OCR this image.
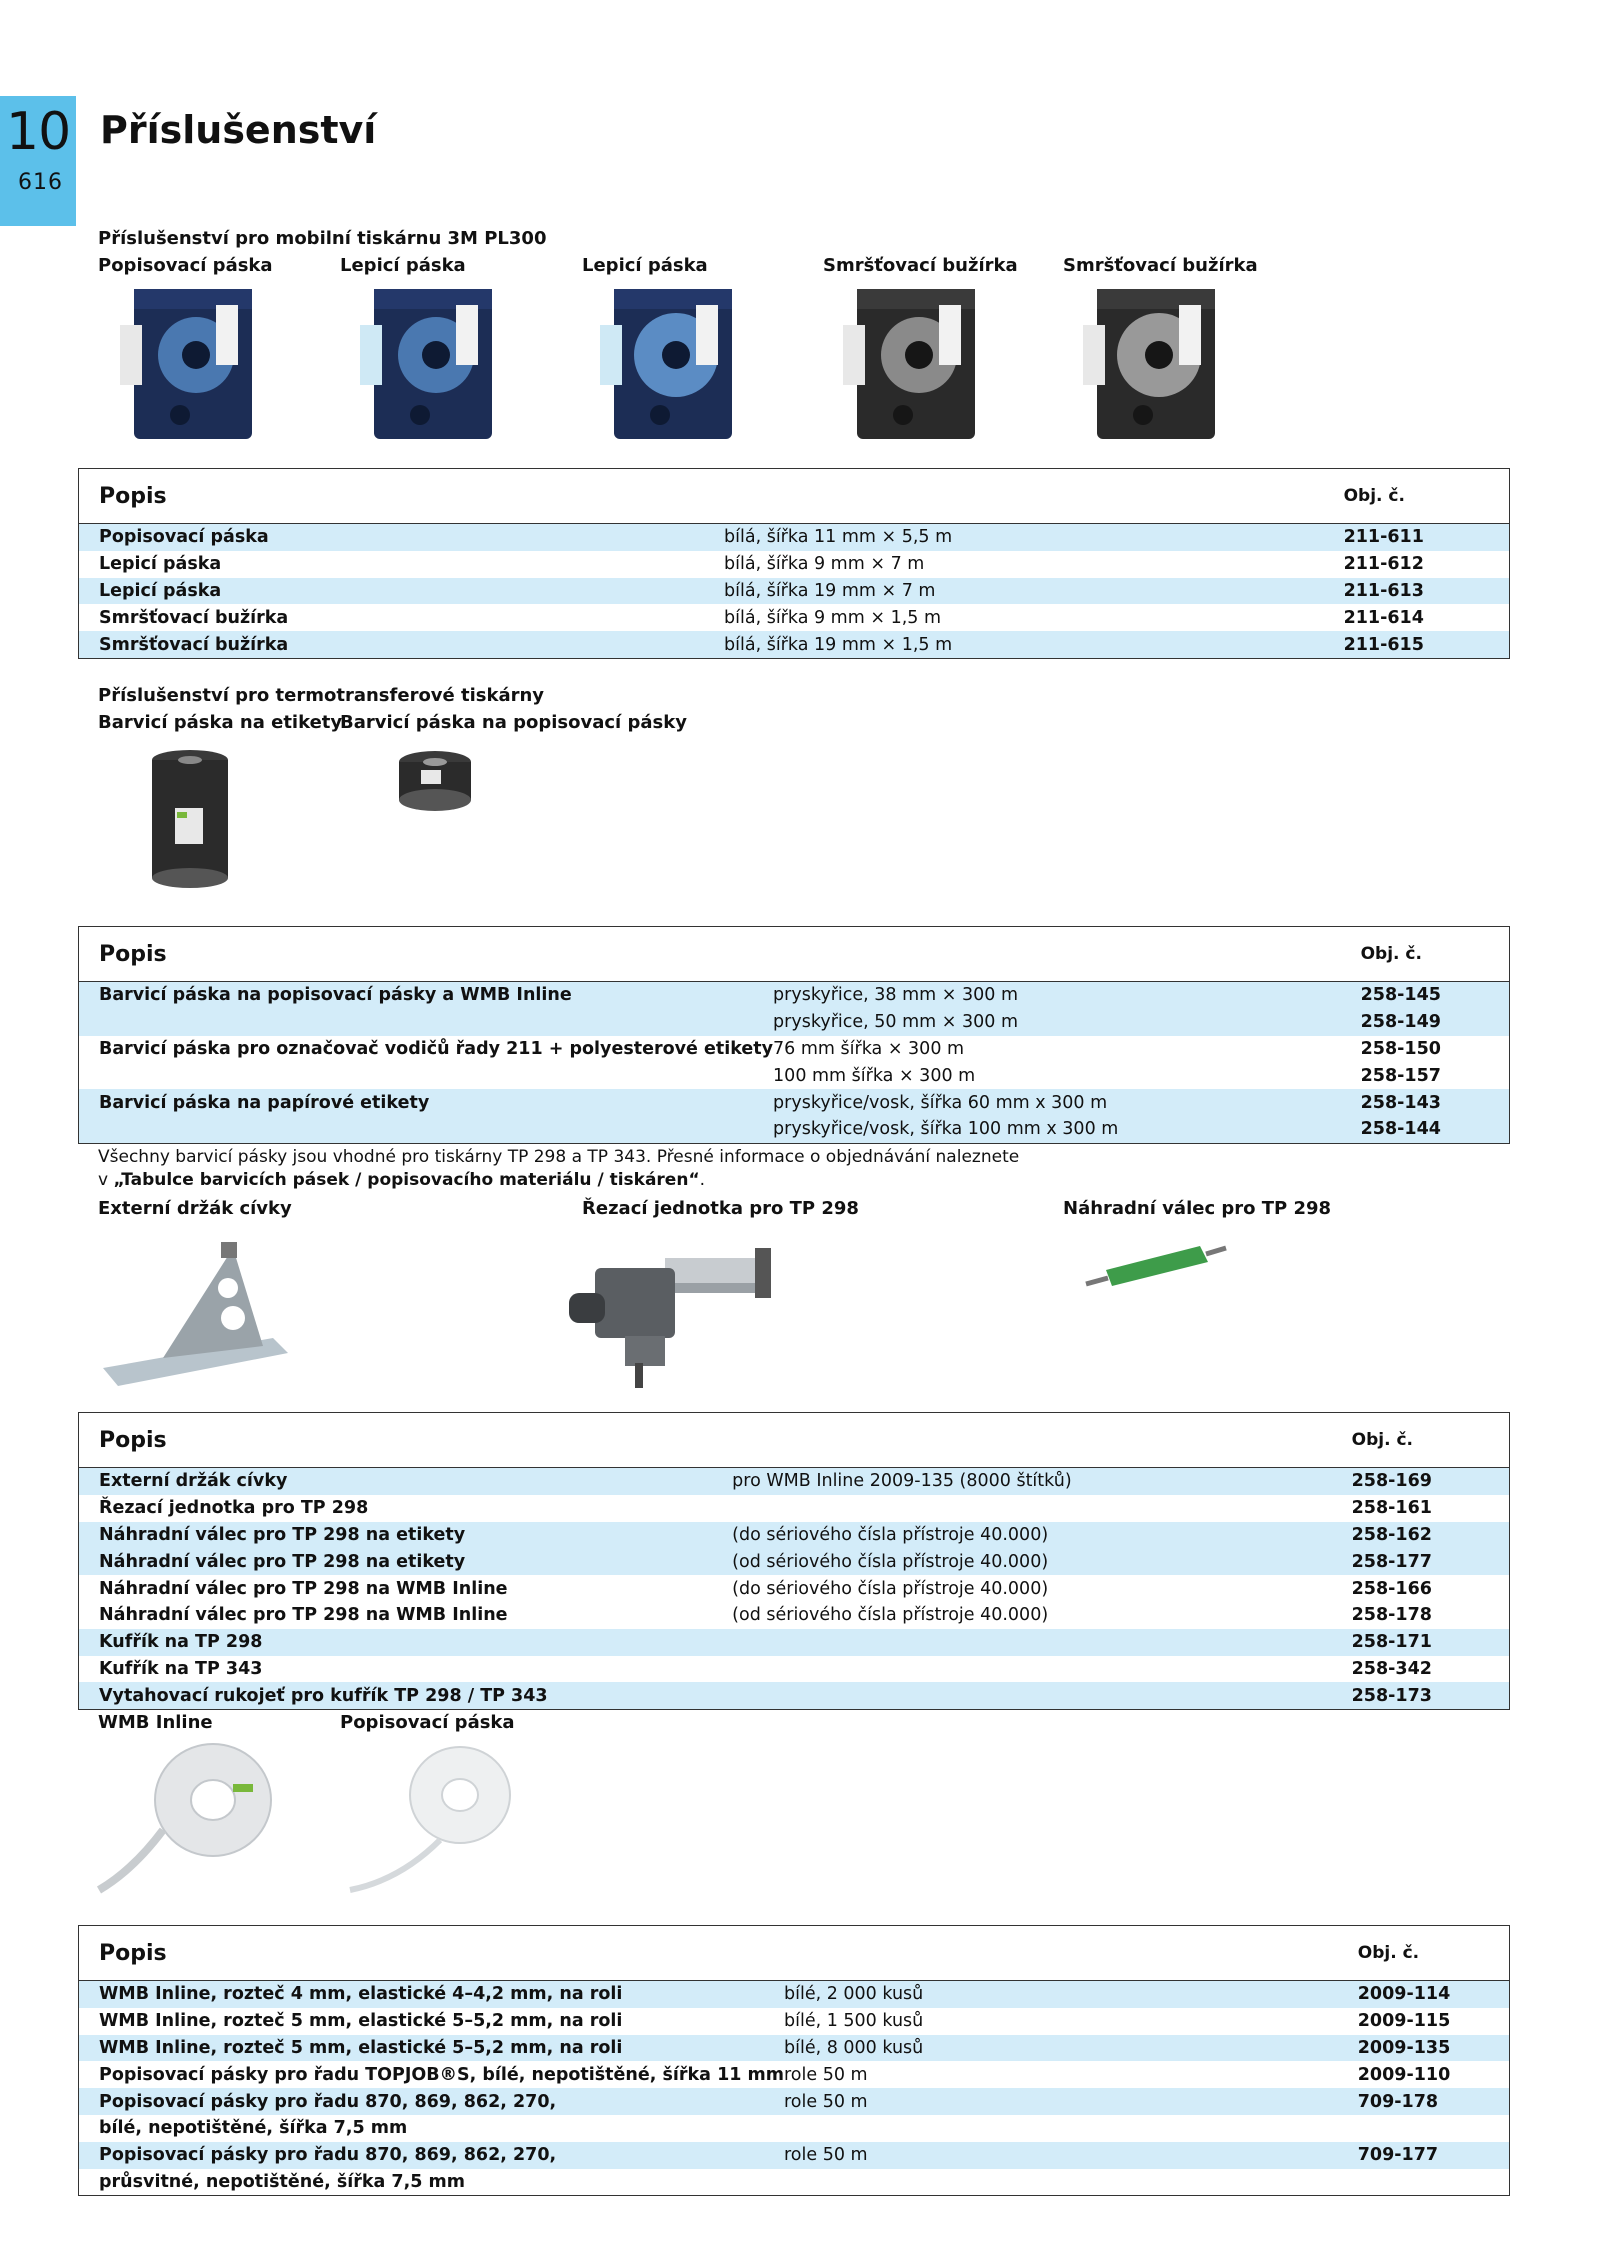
10
616
Příslušenství
Příslušenství pro mobilní tiskárnu 3M PL300
Popisovací páska	Lepicí páska	Lepicí páska	Smršťovací bužírka	Smršťovací bužírka
Popis		Obj. č.
Popisovací páska	bílá, šířka 11 mm × 5,5 m	211-611
Lepicí páska	bílá, šířka 9 mm × 7 m	211-612
Lepicí páska	bílá, šířka 19 mm × 7 m	211-613
Smršťovací bužírka	bílá, šířka 9 mm × 1,5 m	211-614
Smršťovací bužírka	bílá, šířka 19 mm × 1,5 m	211-615
Příslušenství pro termotransferové tiskárny
Barvicí páska na etikety
Barvicí páska na popisovací pásky
Popis		Obj. č.
Barvicí páska na popisovací pásky a WMB Inline	pryskyřice, 38 mm × 300 m	258-145
	pryskyřice, 50 mm × 300 m	258-149
Barvicí páska pro označovač vodičů řady 211 + polyesterové etikety	76 mm šířka × 300 m	258-150
	100 mm šířka × 300 m	258-157
Barvicí páska na papírové etikety	pryskyřice/vosk, šířka 60 mm x 300 m	258-143
	pryskyřice/vosk, šířka 100 mm x 300 m	258-144
Všechny barvicí pásky jsou vhodné pro tiskárny TP 298 a TP 343. Přesné informace o objednávání naleznete
v „Tabulce barvicích pásek / popisovacího materiálu / tiskáren“.
Externí držák cívky	Řezací jednotka pro TP 298	Náhradní válec pro TP 298
Popis		Obj. č.
Externí držák cívky	pro WMB Inline 2009-135 (8000 štítků)	258-169
Řezací jednotka pro TP 298		258-161
Náhradní válec pro TP 298 na etikety	(do sériového čísla přístroje 40.000)	258-162
Náhradní válec pro TP 298 na etikety	(od sériového čísla přístroje 40.000)	258-177
Náhradní válec pro TP 298 na WMB Inline	(do sériového čísla přístroje 40.000)	258-166
Náhradní válec pro TP 298 na WMB Inline	(od sériového čísla přístroje 40.000)	258-178
Kufřík na TP 298		258-171
Kufřík na TP 343		258-342
Vytahovací rukojeť pro kufřík TP 298 / TP 343		258-173
WMB Inline	Popisovací páska
Popis		Obj. č.
WMB Inline, rozteč 4 mm, elastické 4–4,2 mm, na roli	bílé, 2 000 kusů	2009-114
WMB Inline, rozteč 5 mm, elastické 5–5,2 mm, na roli	bílé, 1 500 kusů	2009-115
WMB Inline, rozteč 5 mm, elastické 5–5,2 mm, na roli	bílé, 8 000 kusů	2009-135
Popisovací pásky pro řadu TOPJOB®S, bílé, nepotištěné, šířka 11 mm	role 50 m	2009-110
Popisovací pásky pro řadu 870, 869, 862, 270,	role 50 m	709-178
bílé, nepotištěné, šířka 7,5 mm		
Popisovací pásky pro řadu 870, 869, 862, 270,	role 50 m	709-177
průsvitné, nepotištěné, šířka 7,5 mm		
